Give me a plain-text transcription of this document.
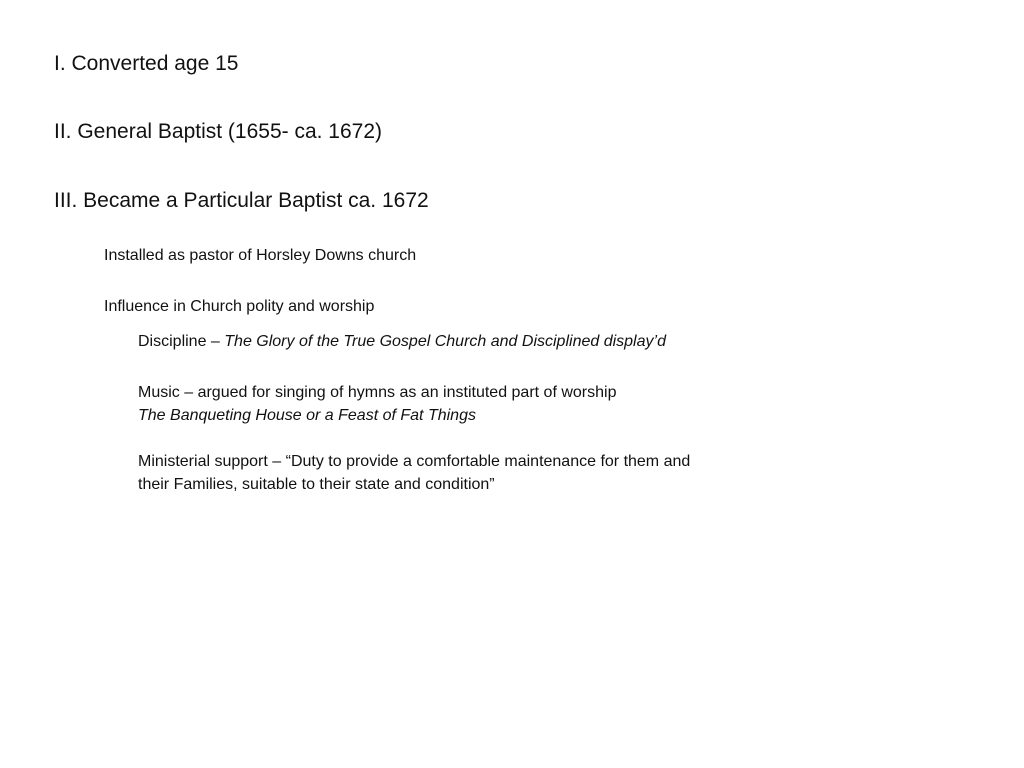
I. Converted age 15
II. General Baptist (1655- ca. 1672)
III. Became a Particular Baptist ca. 1672
Installed as pastor of Horsley Downs church
Influence in Church polity and worship
Discipline – The Glory of the True Gospel Church and Disciplined display’d
Music – argued for singing of hymns as an instituted part of worship
The Banqueting House or a Feast of Fat Things
Ministerial support – “Duty to provide a comfortable maintenance for them and
their Families, suitable to their state and condition”
